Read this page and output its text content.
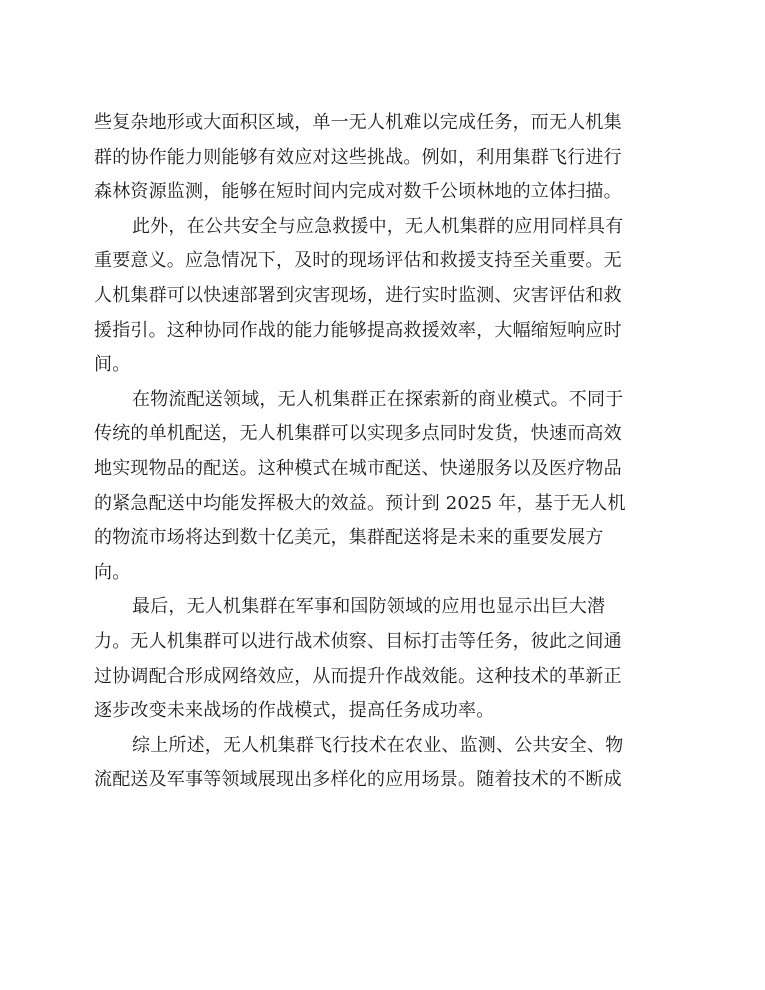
些复杂地形或大面积区域，单一无人机难以完成任务，而无人机集
群的协作能力则能够有效应对这些挑战。例如，利用集群飞行进行
森林资源监测，能够在短时间内完成对数千公顷林地的立体扫描。
此外，在公共安全与应急救援中，无人机集群的应用同样具有
重要意义。应急情况下，及时的现场评估和救援支持至关重要。无
人机集群可以快速部署到灾害现场，进行实时监测、灾害评估和救
援指引。这种协同作战的能力能够提高救援效率，大幅缩短响应时
间。
在物流配送领域，无人机集群正在探索新的商业模式。不同于
传统的单机配送，无人机集群可以实现多点同时发货，快速而高效
地实现物品的配送。这种模式在城市配送、快递服务以及医疗物品
的紧急配送中均能发挥极大的效益。预计到 2025 年，基于无人机
的物流市场将达到数十亿美元，集群配送将是未来的重要发展方
向。
最后，无人机集群在军事和国防领域的应用也显示出巨大潜
力。无人机集群可以进行战术侦察、目标打击等任务，彼此之间通
过协调配合形成网络效应，从而提升作战效能。这种技术的革新正
逐步改变未来战场的作战模式，提高任务成功率。
综上所述，无人机集群飞行技术在农业、监测、公共安全、物
流配送及军事等领域展现出多样化的应用场景。随着技术的不断成
